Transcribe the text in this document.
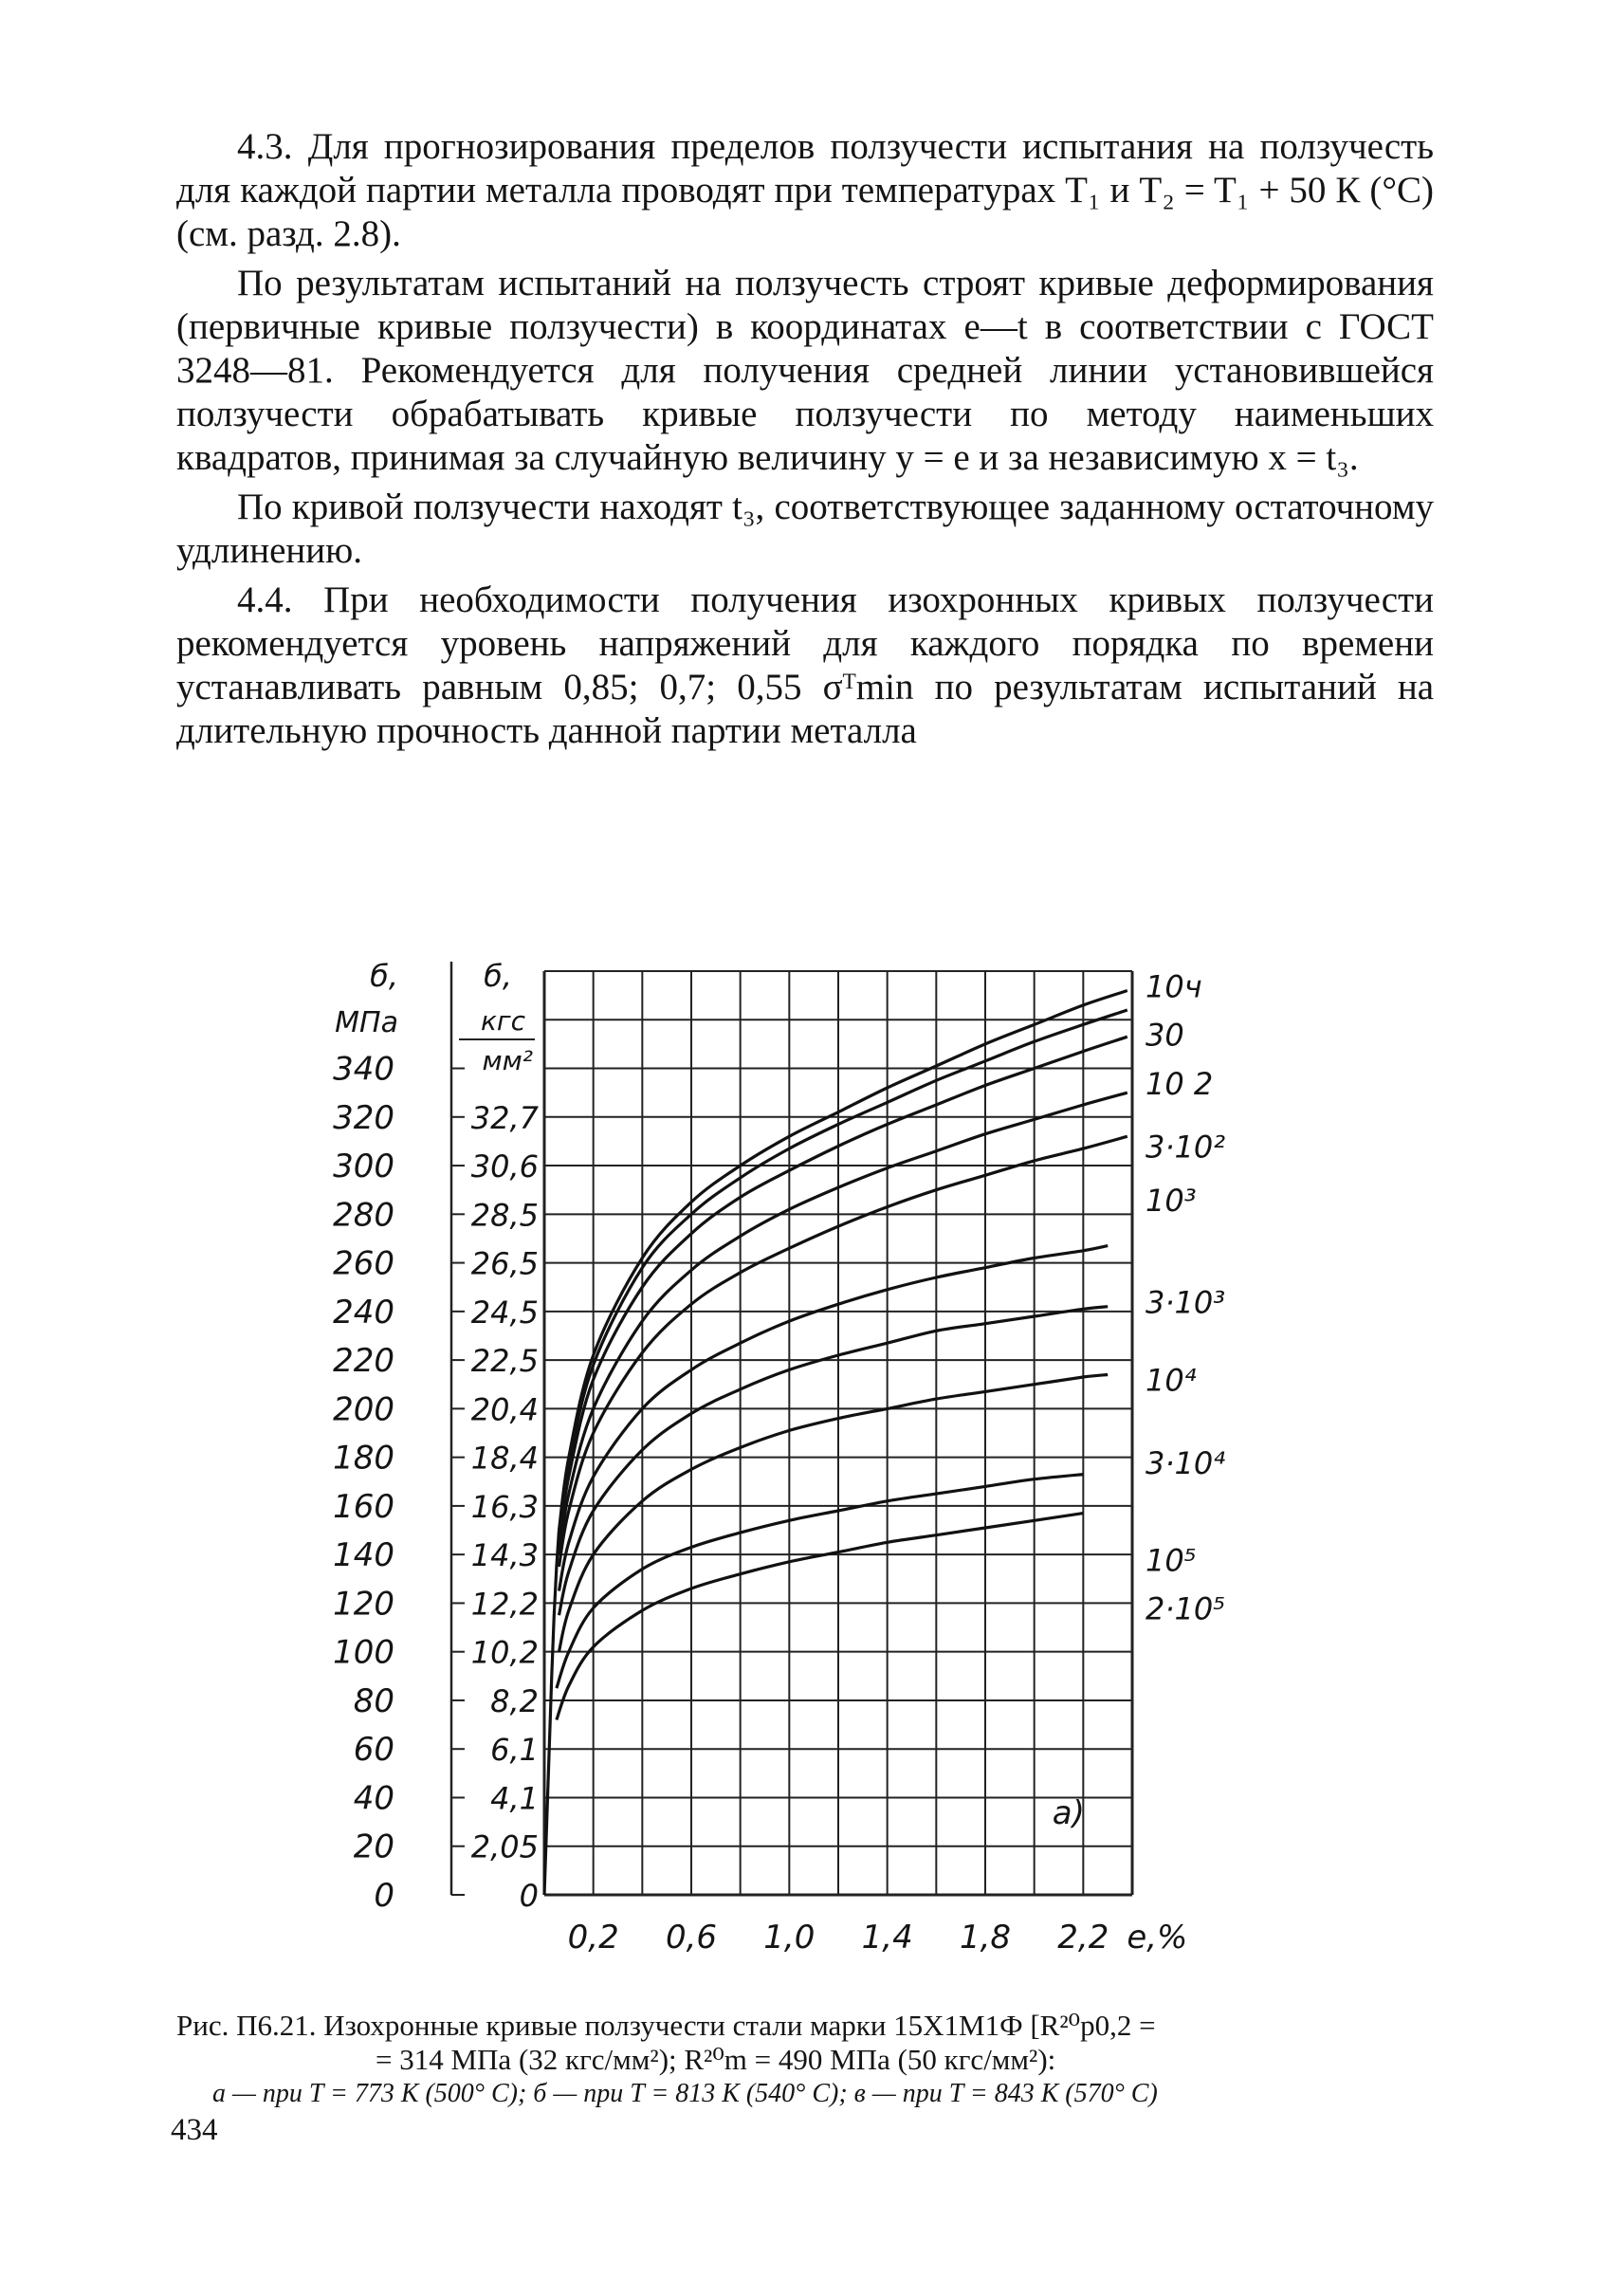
4.3. Для прогнозирования пределов ползучести испытания на ползучесть для каждой партии металла проводят при температурах T₁ и T₂ = T₁ + 50 К (°С) (см. разд. 2.8).

По результатам испытаний на ползучесть строят кривые деформирования (первичные кривые ползучести) в координатах e—t в соответствии с ГОСТ 3248—81. Рекомендуется для получения средней линии установившейся ползучести обрабатывать кривые ползучести по методу наименьших квадратов, принимая за случайную величину y = e и за независимую x = t₃.

По кривой ползучести находят t₃, соответствующее заданному остаточному удлинению.

4.4. При необходимости получения изохронных кривых ползучести рекомендуется уровень напряжений для каждого порядка по времени устанавливать равным 0,85; 0,7; 0,55 σᵀmin по результатам испытаний на длительную прочность данной партии металла

0
20
40
60
80
100
120
140
160
180
200
220
240
260
280
300
320
340
0
2,05
4,1
6,1
8,2
10,2
12,2
14,3
16,3
18,4
20,4
22,5
24,5
26,5
28,5
30,6
32,7
б,
МПа
б,
кгс
мм²
0,2 0,6 1,0 1,4 1,8 2,2 e,%
a)
10ч
30
10 2
3·10²
10³
3·10³
10⁴
3·10⁴
10⁵
2·10⁵
Рис. П6.21. Изохронные кривые ползучести стали марки 15Х1М1Ф [R²⁰p0,2 =
= 314 МПа (32 кгс/мм²); R²⁰m = 490 МПа (50 кгс/мм²):
а — при T = 773 К (500° С); б — при T = 813 К (540° С); в — при T = 843 К (570° С)
434
